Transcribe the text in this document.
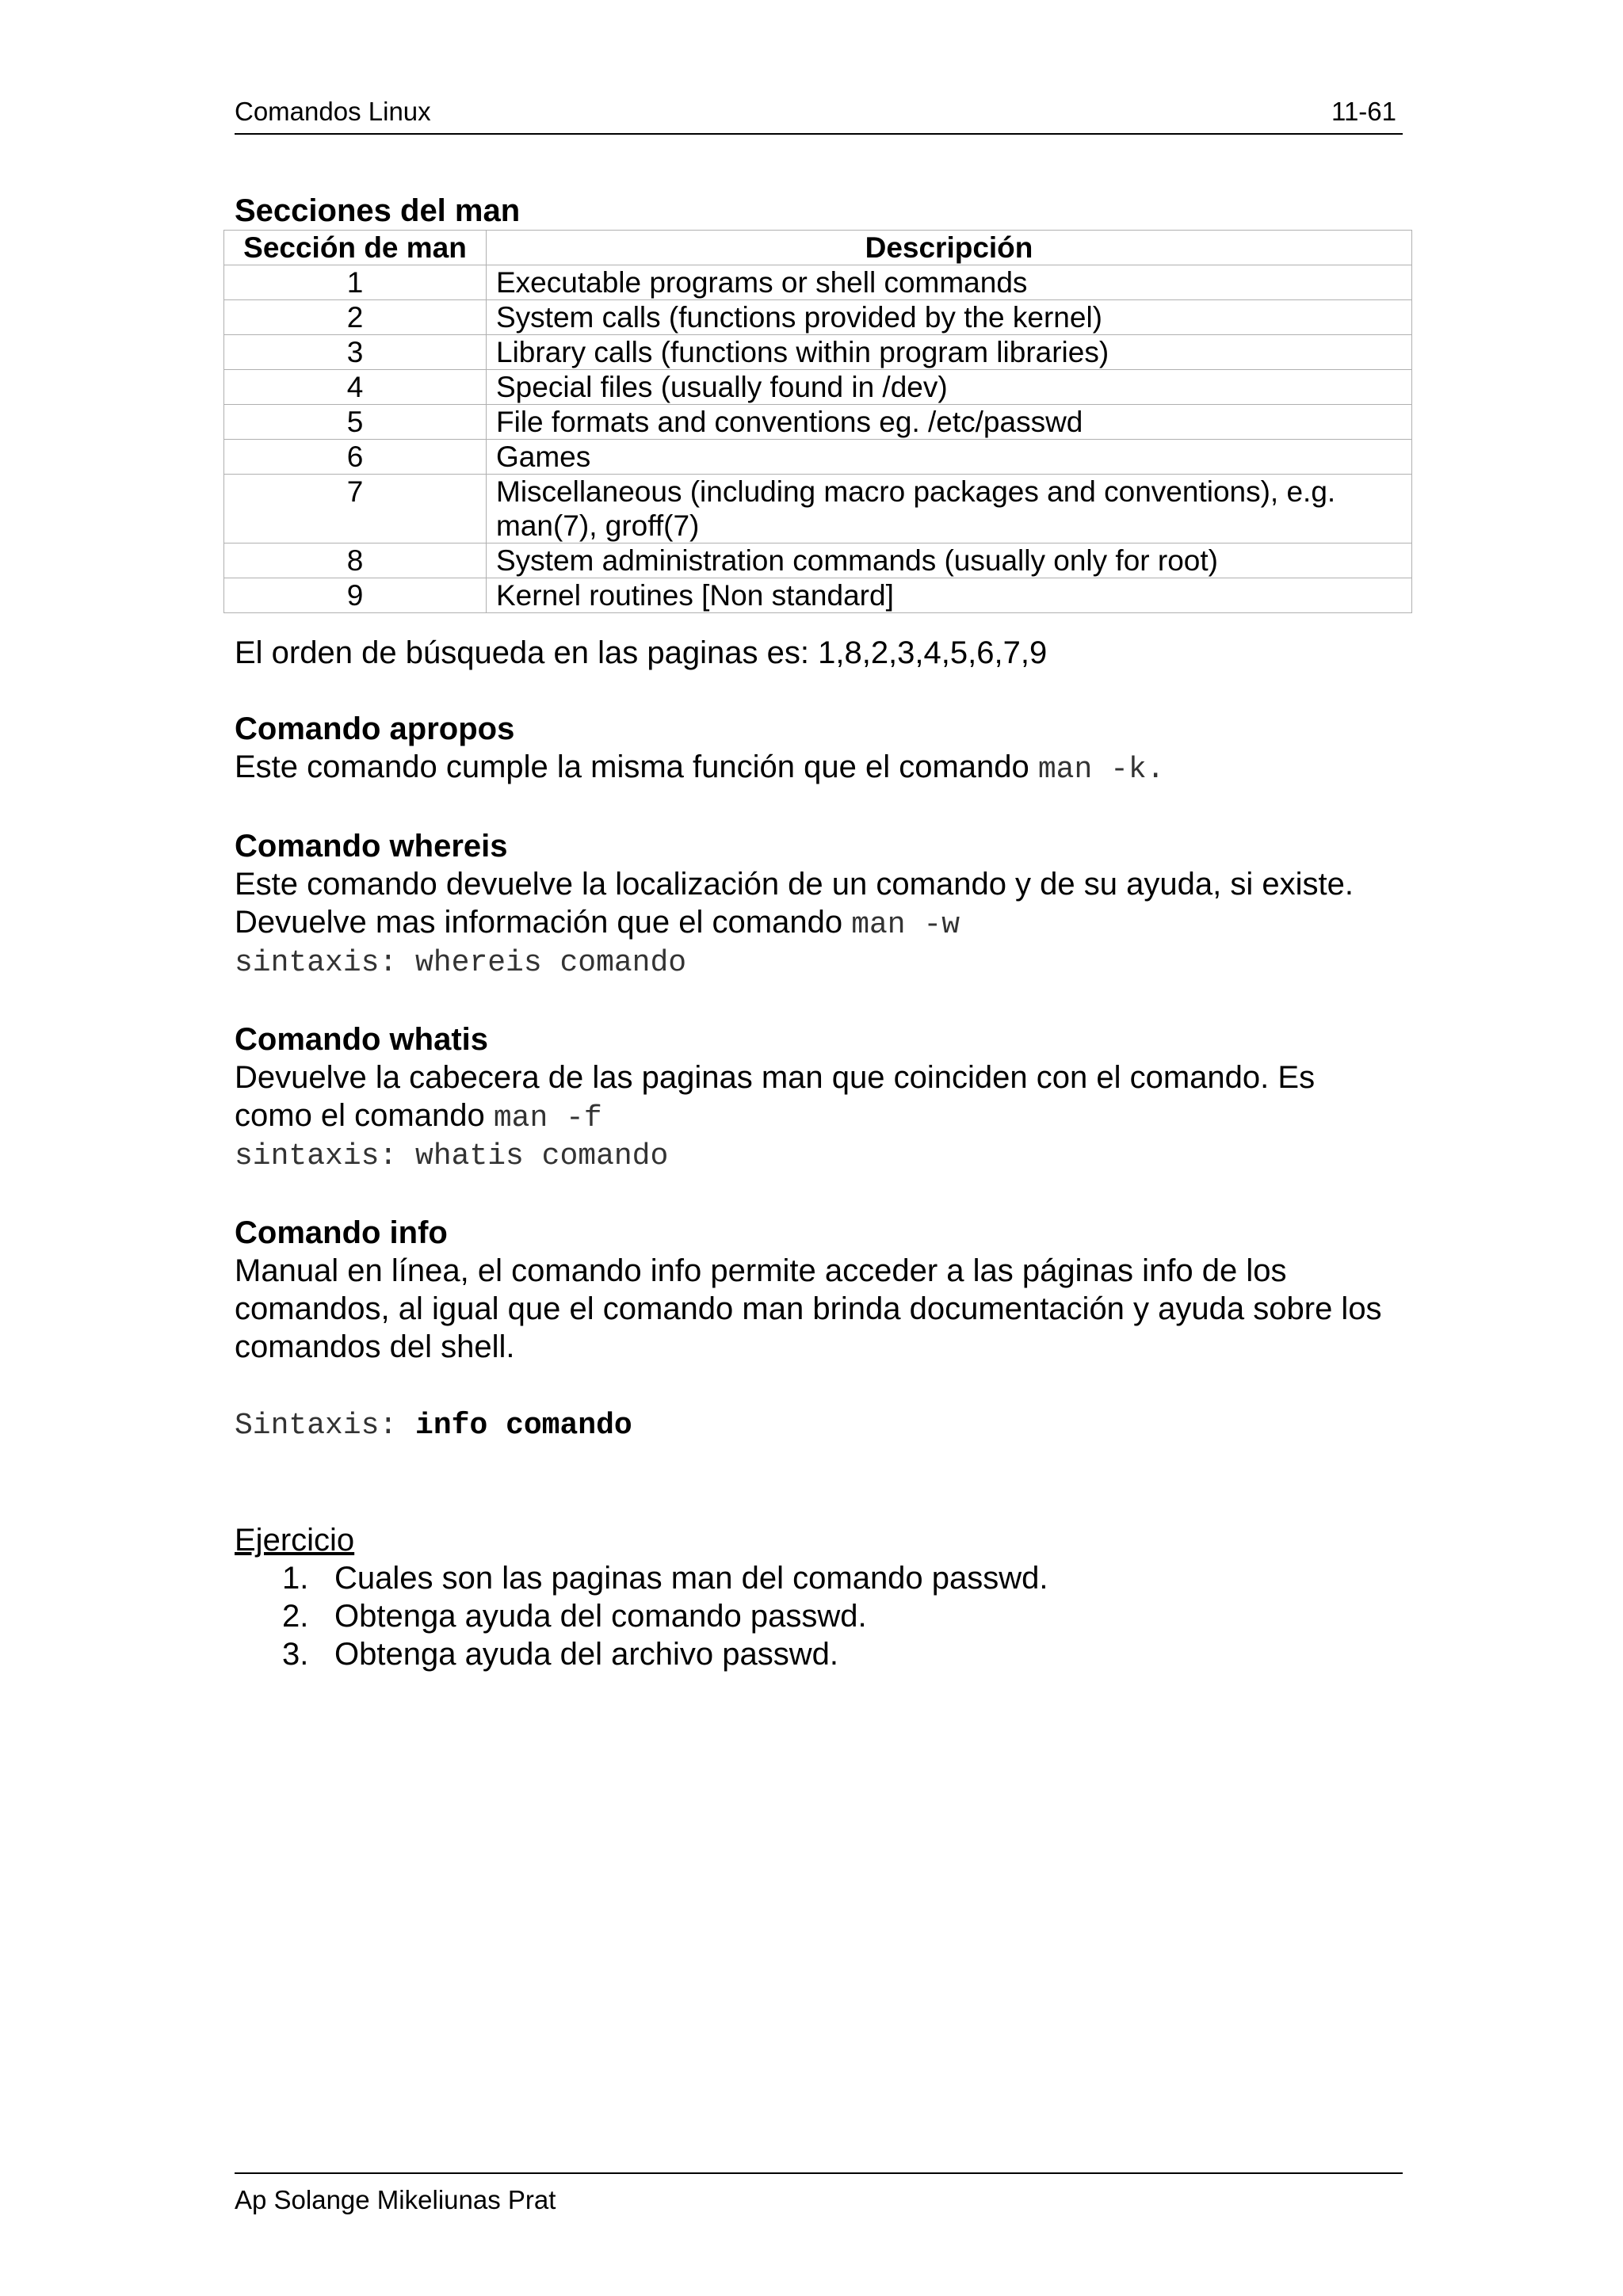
Comandos Linux	11-61
Secciones del man
Sección de man	Descripción
1	Executable programs or shell commands
2	System calls (functions provided by the kernel)
3	Library calls (functions within program libraries)
4	Special files (usually found in /dev)
5	File formats and conventions eg. /etc/passwd
6	Games
7	Miscellaneous (including macro packages and conventions), e.g. man(7), groff(7)
8	System administration commands (usually only for root)
9	Kernel routines [Non standard]
El orden de búsqueda en las paginas es: 1,8,2,3,4,5,6,7,9
Comando apropos
Este comando cumple la misma función que el comando man -k.
Comando whereis
Este comando devuelve la localización de un comando y de su ayuda, si existe.
Devuelve mas información que el comando man -w
sintaxis: whereis comando
Comando whatis
Devuelve la cabecera de las paginas man que coinciden con el comando. Es
como el comando man -f
sintaxis: whatis comando
Comando info
Manual en línea, el comando info permite acceder a las páginas info de los comandos, al igual que el comando man brinda documentación y ayuda sobre los comandos del shell.
Sintaxis: info comando
Ejercicio
1. Cuales son las paginas man del comando passwd.
2. Obtenga ayuda del comando passwd.
3. Obtenga ayuda del archivo passwd.
Ap Solange Mikeliunas Prat
